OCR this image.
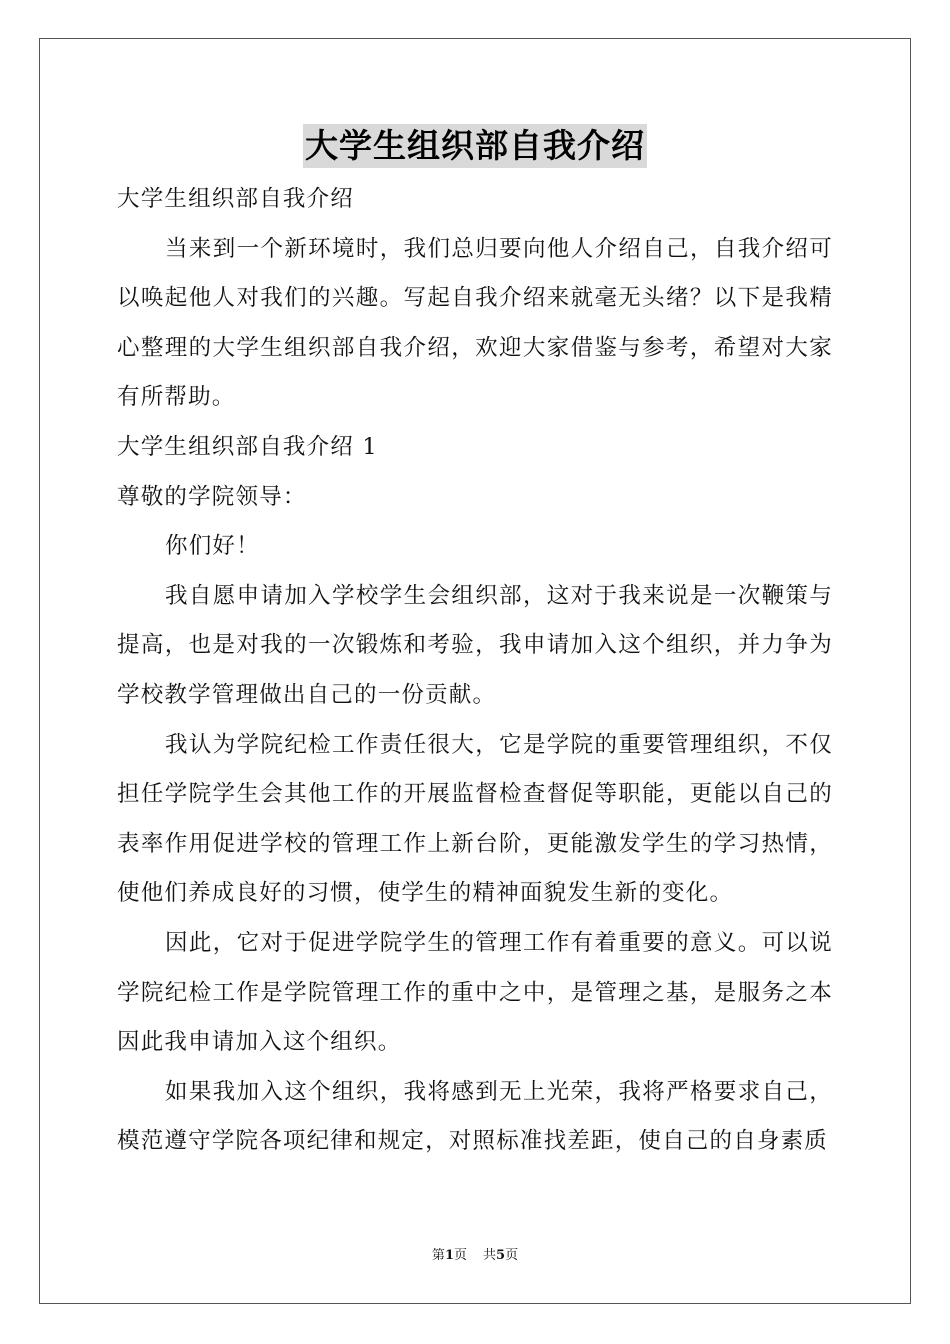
大学生组织部自我介绍

大学生组织部自我介绍

当来到一个新环境时，我们总归要向他人介绍自己，自我介绍可以唤起他人对我们的兴趣。写起自我介绍来就毫无头绪？以下是我精心整理的大学生组织部自我介绍，欢迎大家借鉴与参考，希望对大家有所帮助。

大学生组织部自我介绍 1

尊敬的学院领导：

你们好！

我自愿申请加入学校学生会组织部，这对于我来说是一次鞭策与提高，也是对我的一次锻炼和考验，我申请加入这个组织，并力争为学校教学管理做出自己的一份贡献。

我认为学院纪检工作责任很大，它是学院的重要管理组织，不仅担任学院学生会其他工作的开展监督检查督促等职能，更能以自己的表率作用促进学校的管理工作上新台阶，更能激发学生的学习热情，使他们养成良好的习惯，使学生的精神面貌发生新的变化。

因此，它对于促进学院学生的管理工作有着重要的意义。可以说学院纪检工作是学院管理工作的重中之中，是管理之基，是服务之本因此我申请加入这个组织。

如果我加入这个组织，我将感到无上光荣，我将严格要求自己，模范遵守学院各项纪律和规定，对照标准找差距，使自己的自身素质

第1页 共5页
